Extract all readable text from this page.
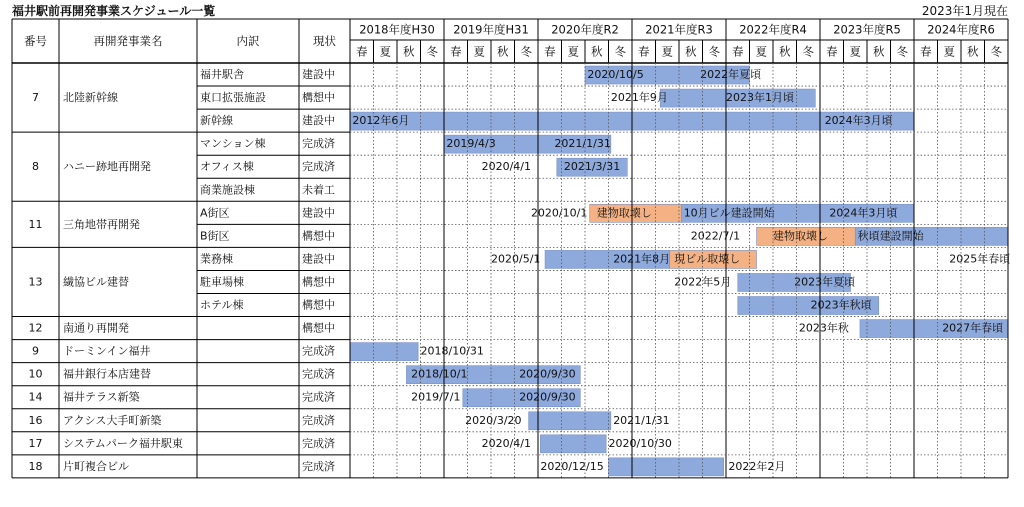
福井駅前再開発事業スケジュール一覧	2023年1月現在
番号	再開発事業名	内訳	現状
2018年度H30
春 夏 秋 冬
2019年度H31
春 夏 秋 冬
2020年度R2
春 夏 秋 冬
2021年度R3
春 夏 秋 冬
2022年度R4
春 夏 秋 冬
2023年度R5
春 夏 秋 冬
2024年度R6
春 夏 秋 冬
7 北陸新幹線
福井駅舎	建設中	2020/10/5	2022年夏頃
東口拡張施設	構想中	2021年9月	2023年1月頃
新幹線	建設中 2012年6月	2024年3月頃
8 ハニー跡地再開発
マンション棟	完成済	2019/4/3	2021/1/31
オフィス棟	完成済	2020/4/1	2021/3/31
商業施設棟	未着工
11 三角地帯再開発
A街区	建設中	2020/10/1 建物取壊し	10月ビル建設開始	2024年3月頃
B街区	構想中	2022/7/1	建物取壊し	秋頃建設開始
13 繊協ビル建替
業務棟	建設中	2020/5/1	2021年8月 現ビル取壊し	2025年春頃
駐車場棟	構想中	2022年5月	2023年夏頃
ホテル棟	構想中	2023年秋頃
12 南通り再開発	構想中	2023年秋	2027年春頃
9 ドーミンイン福井	完成済	2018/10/31
10 福井銀行本店建替	完成済	2018/10/1	2020/9/30
14 福井テラス新築	完成済	2019/7/1	2020/9/30
16 アクシス大手町新築	完成済	2020/3/20	2021/1/31
17 システムパーク福井駅東	完成済	2020/4/1	2020/10/30
18 片町複合ビル	完成済	2020/12/15	2022年2月
